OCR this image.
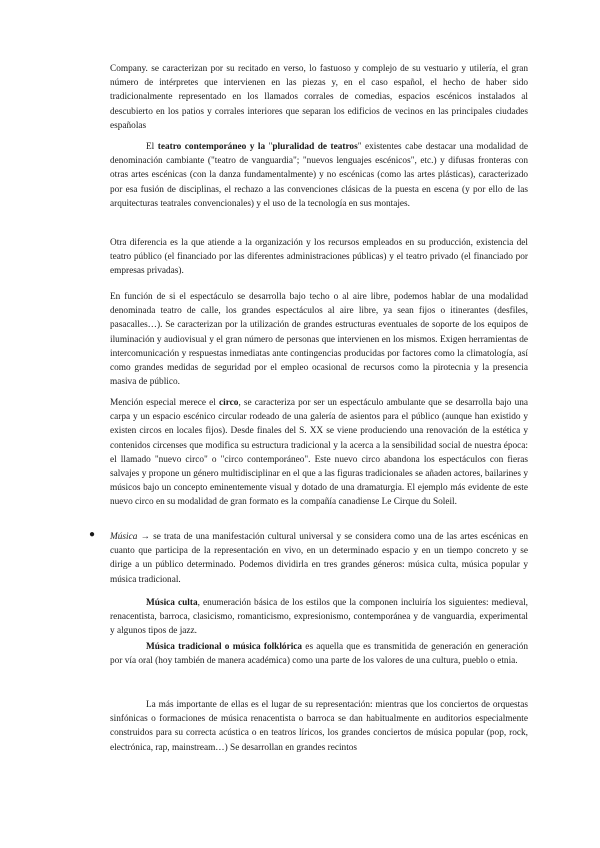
Company. se caracterizan por su recitado en verso, lo fastuoso y complejo de su vestuario y utilería, el gran número de intérpretes que intervienen en las piezas y, en el caso español, el hecho de haber sido tradicionalmente representado en los llamados corrales de comedias, espacios escénicos instalados al descubierto en los patios y corrales interiores que separan los edificios de vecinos en las principales ciudades españolas

El teatro contemporáneo y la "pluralidad de teatros" existentes cabe destacar una modalidad de denominación cambiante ("teatro de vanguardia"; "nuevos lenguajes escénicos", etc.) y difusas fronteras con otras artes escénicas (con la danza fundamentalmente) y no escénicas (como las artes plásticas), caracterizado por esa fusión de disciplinas, el rechazo a las convenciones clásicas de la puesta en escena (y por ello de las arquitecturas teatrales convencionales) y el uso de la tecnología en sus montajes.

Otra diferencia es la que atiende a la organización y los recursos empleados en su producción, existencia del teatro público (el financiado por las diferentes administraciones públicas) y el teatro privado (el financiado por empresas privadas).

En función de si el espectáculo se desarrolla bajo techo o al aire libre, podemos hablar de una modalidad denominada teatro de calle, los grandes espectáculos al aire libre, ya sean fijos o itinerantes (desfiles, pasacalles…). Se caracterizan por la utilización de grandes estructuras eventuales de soporte de los equipos de iluminación y audiovisual y el gran número de personas que intervienen en los mismos. Exigen herramientas de intercomunicación y respuestas inmediatas ante contingencias producidas por factores como la climatología, así como grandes medidas de seguridad por el empleo ocasional de recursos como la pirotecnia y la presencia masiva de público.

Mención especial merece el circo, se caracteriza por ser un espectáculo ambulante que se desarrolla bajo una carpa y un espacio escénico circular rodeado de una galería de asientos para el público (aunque han existido y existen circos en locales fijos). Desde finales del S. XX se viene produciendo una renovación de la estética y contenidos circenses que modifica su estructura tradicional y la acerca a la sensibilidad social de nuestra época: el llamado "nuevo circo" o "circo contemporáneo". Este nuevo circo abandona los espectáculos con fieras salvajes y propone un género multidisciplinar en el que a las figuras tradicionales se añaden actores, bailarines y músicos bajo un concepto eminentemente visual y dotado de una dramaturgia. El ejemplo más evidente de este nuevo circo en su modalidad de gran formato es la compañía canadiense Le Cirque du Soleil.

● Música → se trata de una manifestación cultural universal y se considera como una de las artes escénicas en cuanto que participa de la representación en vivo, en un determinado espacio y en un tiempo concreto y se dirige a un público determinado. Podemos dividirla en tres grandes géneros: música culta, música popular y música tradicional.

Música culta, enumeración básica de los estilos que la componen incluiría los siguientes: medieval, renacentista, barroca, clasicismo, romanticismo, expresionismo, contemporánea y de vanguardia, experimental y algunos tipos de jazz.

Música tradicional o música folklórica es aquella que es transmitida de generación en generación por vía oral (hoy también de manera académica) como una parte de los valores de una cultura, pueblo o etnia.

La más importante de ellas es el lugar de su representación: mientras que los conciertos de orquestas sinfónicas o formaciones de música renacentista o barroca se dan habitualmente en auditorios especialmente construidos para su correcta acústica o en teatros líricos, los grandes conciertos de música popular (pop, rock, electrónica, rap, mainstream…) Se desarrollan en grandes recintos
